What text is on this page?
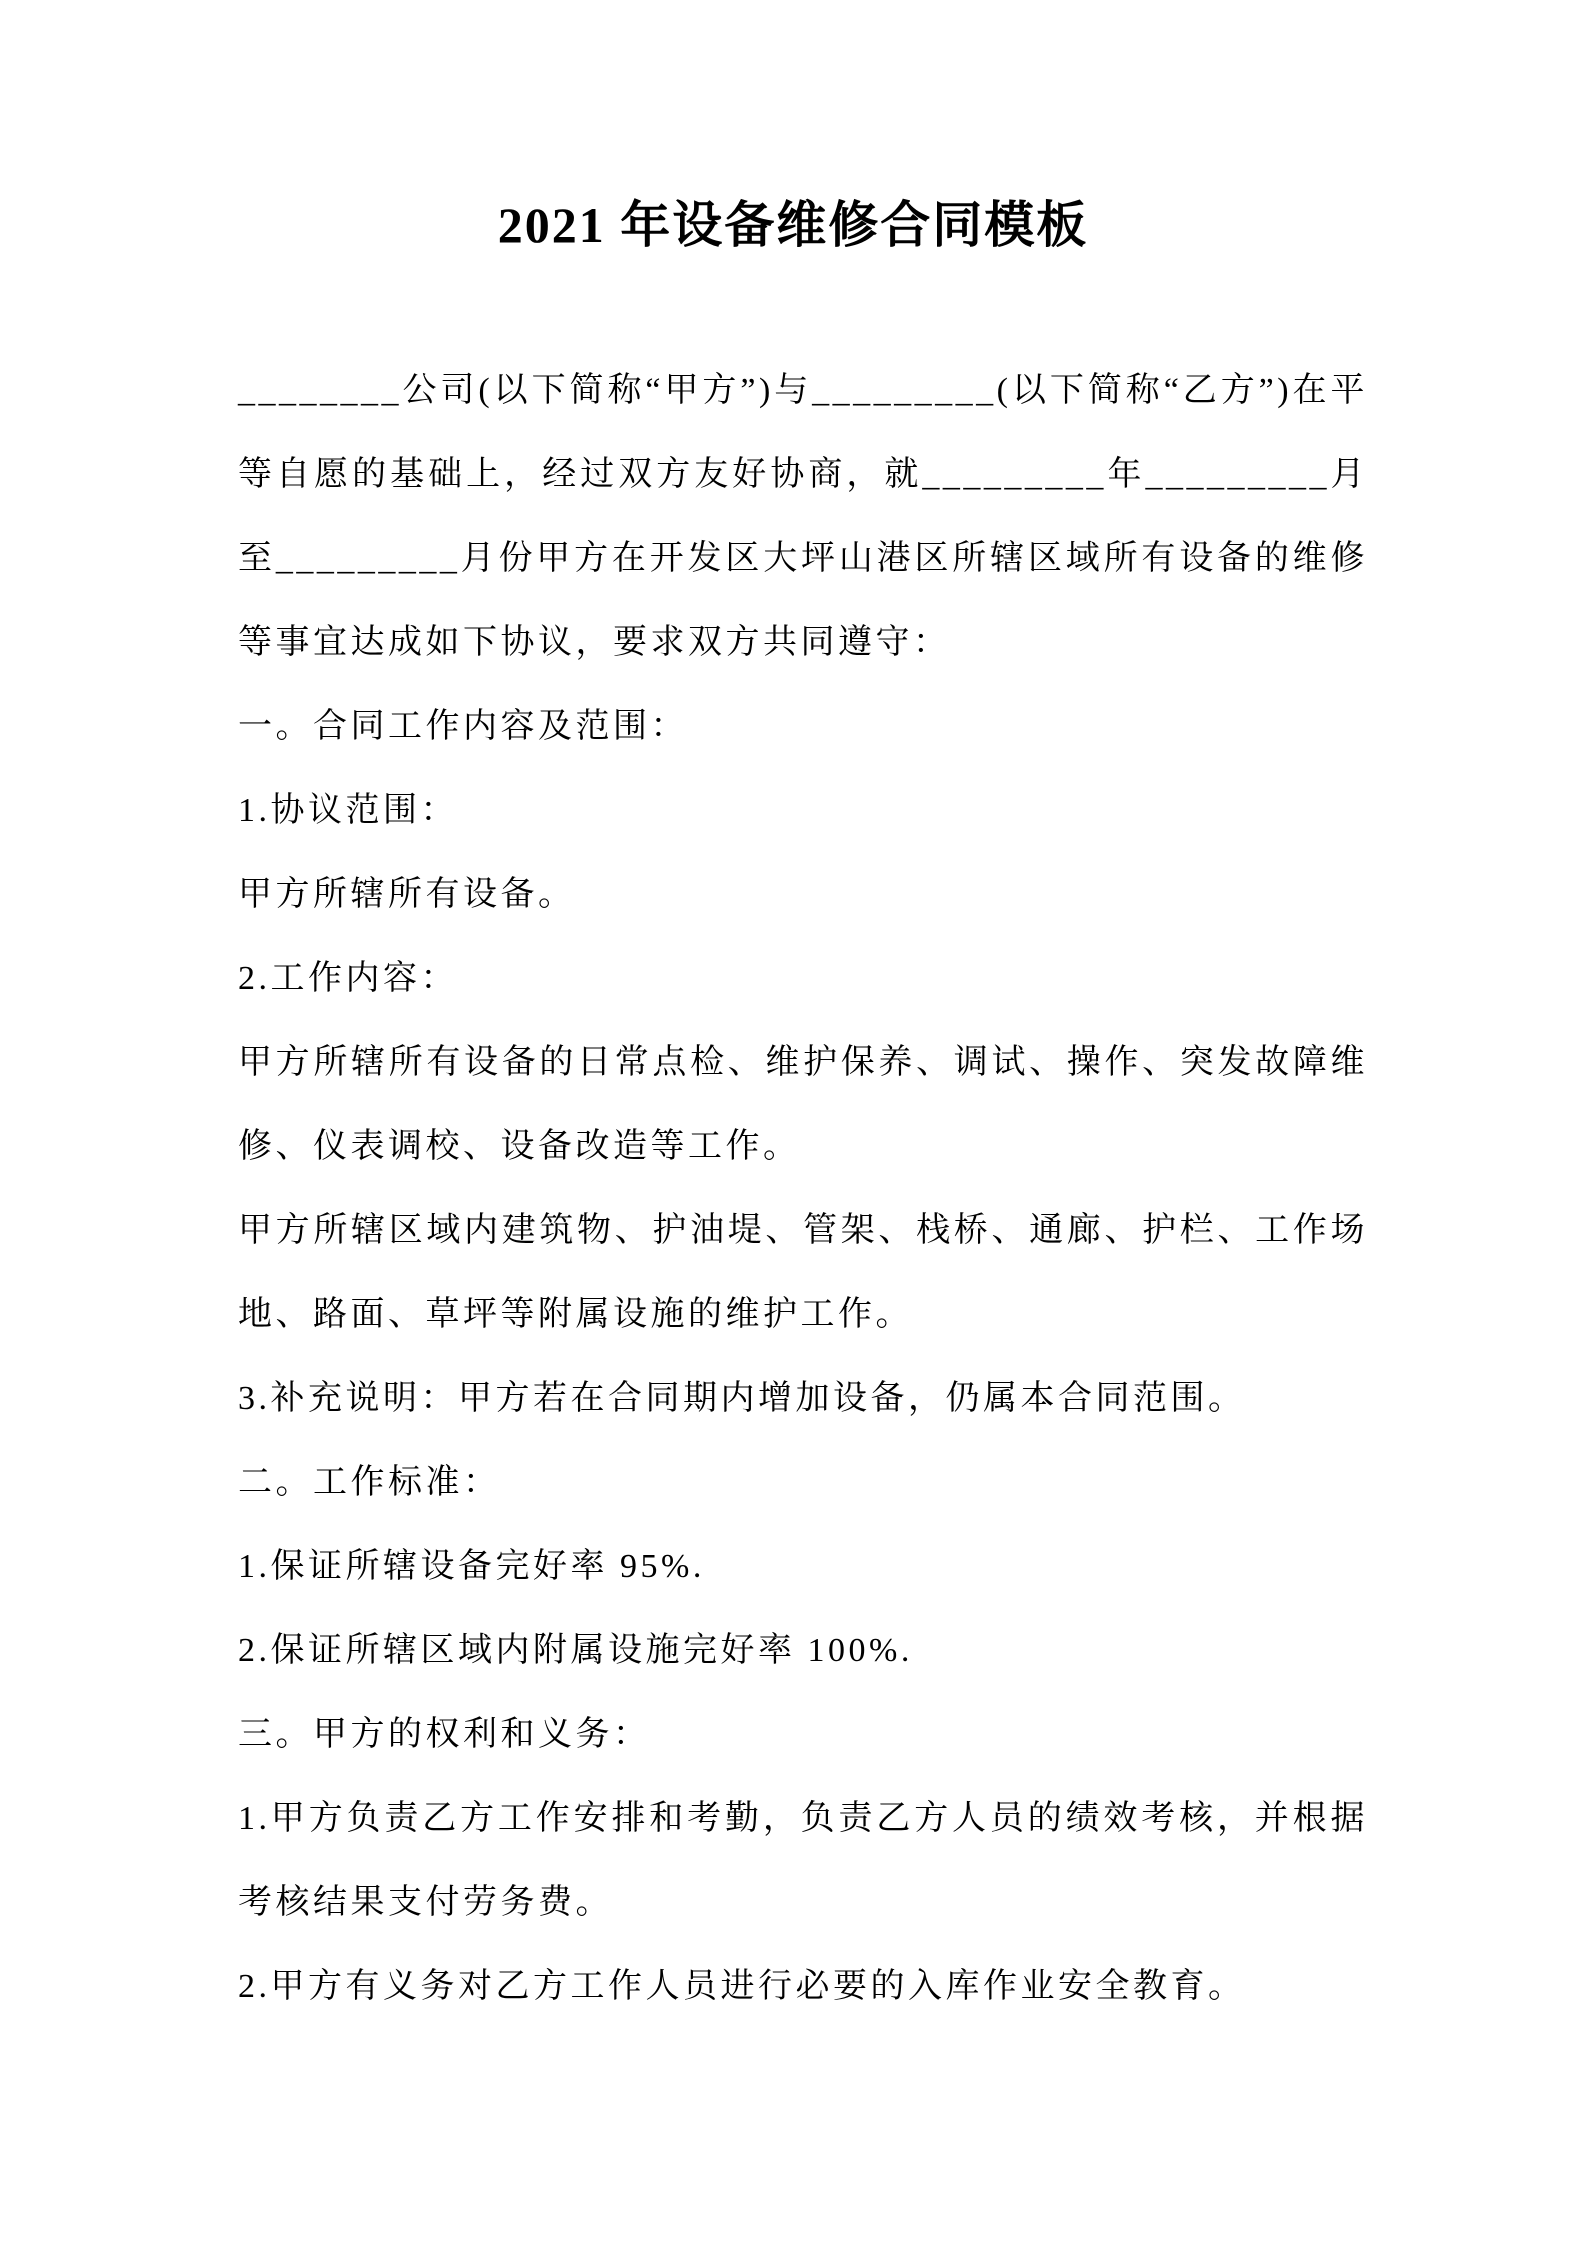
2021 年设备维修合同模板
________公司(以下简称“甲方”)与_________(以下简称“乙方”)在平
等自愿的基础上，经过双方友好协商，就_________年_________月
至_________月份甲方在开发区大坪山港区所辖区域所有设备的维修
等事宜达成如下协议，要求双方共同遵守：
一。合同工作内容及范围：
1.协议范围：
甲方所辖所有设备。
2.工作内容：
甲方所辖所有设备的日常点检、维护保养、调试、操作、突发故障维
修、仪表调校、设备改造等工作。
甲方所辖区域内建筑物、护油堤、管架、栈桥、通廊、护栏、工作场
地、路面、草坪等附属设施的维护工作。
3.补充说明：甲方若在合同期内增加设备，仍属本合同范围。
二。工作标准：
1.保证所辖设备完好率 95%.
2.保证所辖区域内附属设施完好率 100%.
三。甲方的权利和义务：
1.甲方负责乙方工作安排和考勤，负责乙方人员的绩效考核，并根据
考核结果支付劳务费。
2.甲方有义务对乙方工作人员进行必要的入库作业安全教育。
